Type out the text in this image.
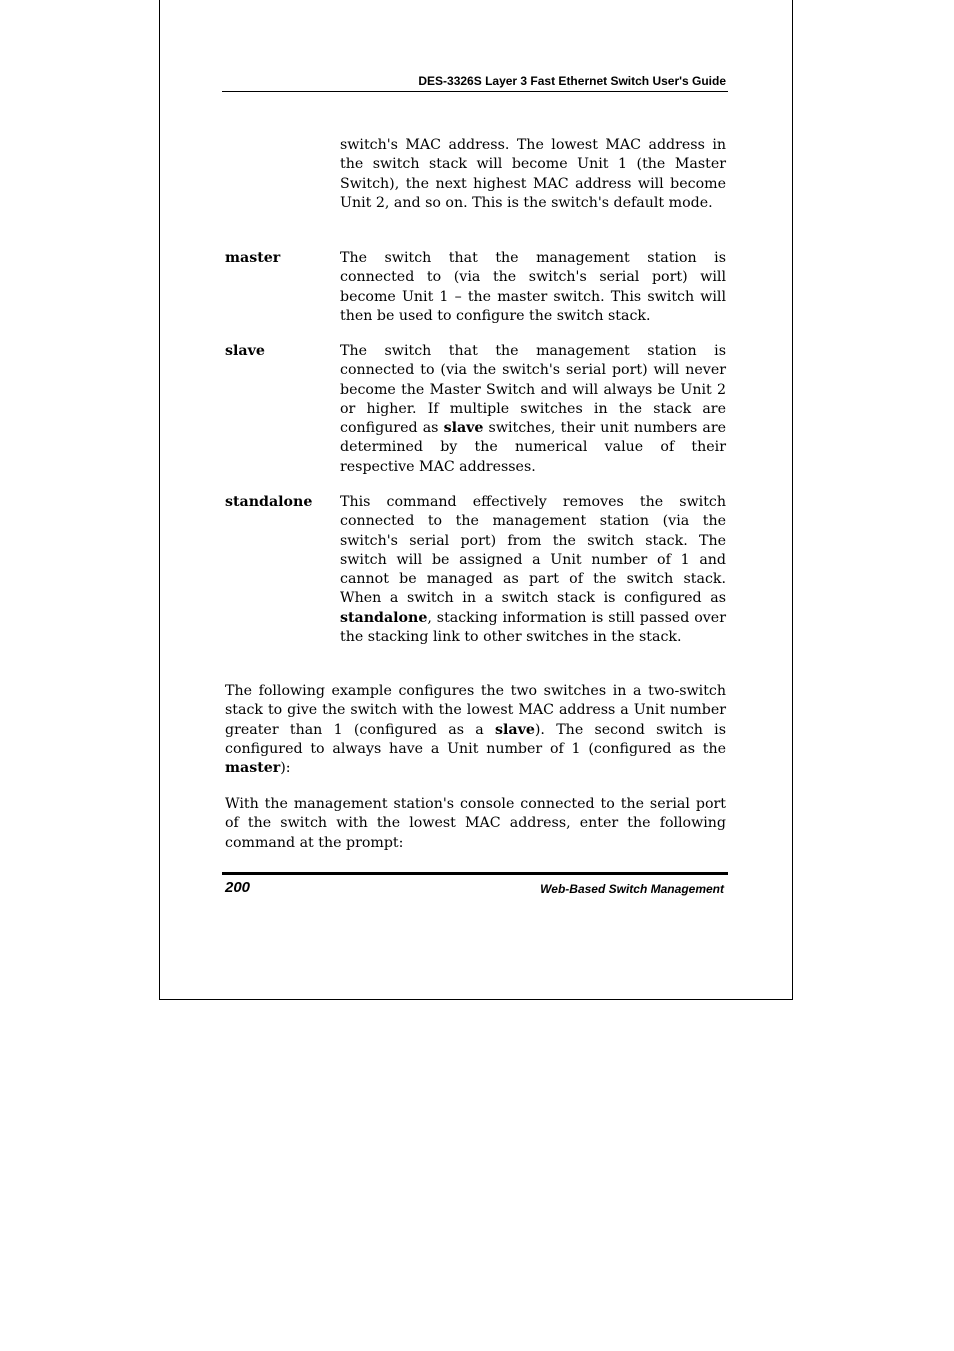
DES-3326S Layer 3 Fast Ethernet Switch User's Guide
switch's MAC address. The lowest MAC address in the switch stack will become Unit 1 (the Master Switch), the next highest MAC address will become Unit 2, and so on. This is the switch's default mode.
master	The switch that the management station is connected to (via the switch's serial port) will become Unit 1 – the master switch. This switch will then be used to configure the switch stack.
slave	The switch that the management station is connected to (via the switch's serial port) will never become the Master Switch and will always be Unit 2 or higher. If multiple switches in the stack are configured as slave switches, their unit numbers are determined by the numerical value of their respective MAC addresses.
standalone This command effectively removes the switch connected to the management station (via the switch's serial port) from the switch stack. The switch will be assigned a Unit number of 1 and cannot be managed as part of the switch stack. When a switch in a switch stack is configured as standalone, stacking information is still passed over the stacking link to other switches in the stack.
The following example configures the two switches in a two-switch stack to give the switch with the lowest MAC address a Unit number greater than 1 (configured as a slave). The second switch is configured to always have a Unit number of 1 (configured as the master):
With the management station's console connected to the serial port of the switch with the lowest MAC address, enter the following command at the prompt:
200	Web-Based Switch Management
